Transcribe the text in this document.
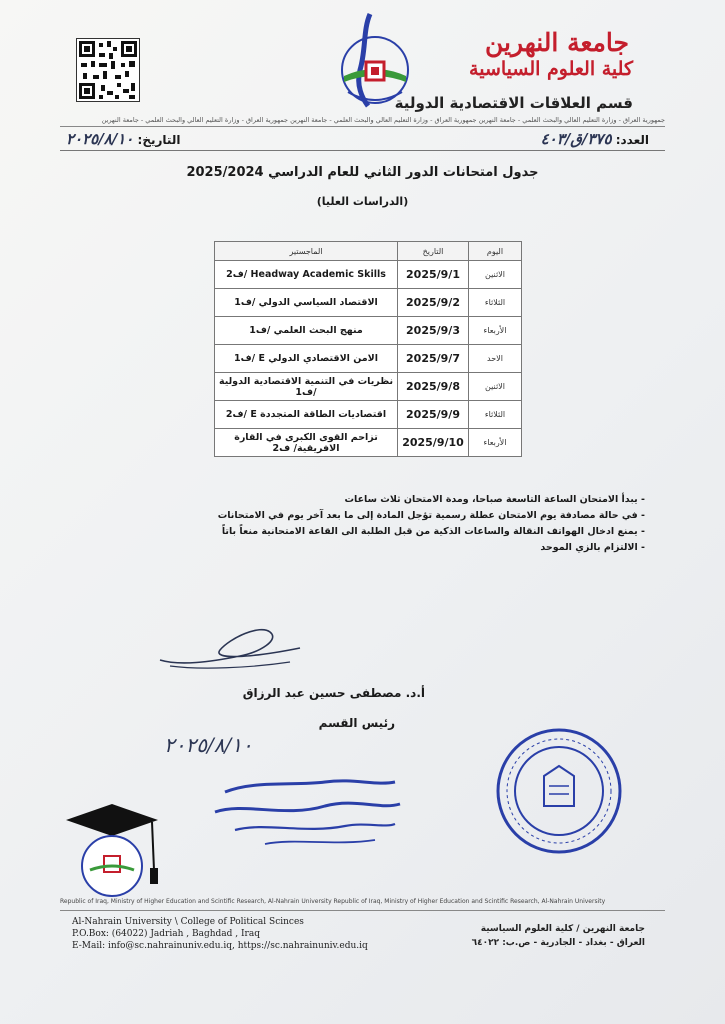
جامعة النهرين
كلية العلوم السياسية
قسم العلاقات الاقتصادية الدولية
جمهورية العراق - وزارة التعليم العالي والبحث العلمي - جامعة النهرين جمهورية العراق - وزارة التعليم العالي والبحث العلمي - جامعة النهرين جمهورية العراق - وزارة التعليم العالي والبحث العلمي - جامعة النهرين
العدد: ٣٧٥/ق/٤٠٣
التاريخ: ٢٠٢٥/٨/١٠
جدول امتحانات الدور الثاني للعام الدراسي 2025/2024
(الدراسات العليا)
اليوم	التاريخ	الماجستير
الاثنين	2025/9/1	Headway Academic Skills /ف2
الثلاثاء	2025/9/2	الاقتصاد السياسي الدولي /ف1
الأربعاء	2025/9/3	منهج البحث العلمي /ف1
الاحد	2025/9/7	الامن الاقتصادي الدولي E /ف1
الاثنين	2025/9/8	نظريات في التنمية الاقتصادية الدولية /ف1
الثلاثاء	2025/9/9	اقتصاديات الطاقة المتجددة E /ف2
الأربعاء	2025/9/10	تزاحم القوى الكبرى في القارة الافريقية/ ف2
- يبدأ الامتحان الساعة التاسعة صباحا، ومدة الامتحان ثلاث ساعات
- في حالة مصادفة يوم الامتحان عطلة رسمية تؤجل المادة إلى ما بعد آخر يوم في الامتحانات
- يمنع ادخال الهواتف النقالة والساعات الذكية من قبل الطلبة الى القاعة الامتحانية منعاً باتاً
- الالتزام بالزي الموحد
أ.د. مصطفى حسين عبد الرزاق
رئيس القسم
٢٠٢٥/٨/١٠
Republic of Iraq, Ministry of Higher Education and Scintific Research, Al-Nahrain University Republic of Iraq, Ministry of Higher Education and Scintific Research, Al-Nahrain University
Al-Nahrain University \ College of Political Scinces
P.O.Box: (64022) Jadriah , Baghdad , Iraq
E-Mail: info@sc.nahrainuniv.edu.iq, https://sc.nahrainuniv.edu.iq
جامعة النهرين / كلية العلوم السياسية
العراق - بغداد - الجادرية - ص.ب: ٦٤٠٢٢
